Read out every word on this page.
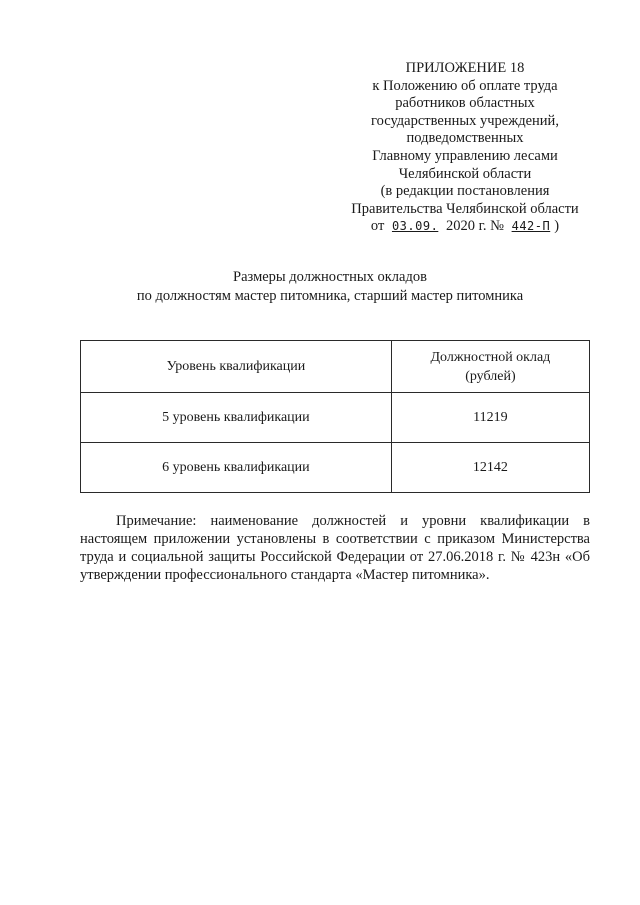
ПРИЛОЖЕНИЕ 18
к Положению об оплате труда
работников областных
государственных учреждений,
подведомственных
Главному управлению лесами
Челябинской области
(в редакции постановления
Правительства Челябинской области
от 03.09. 2020 г. № 442-П )
Размеры должностных окладов
по должностям мастер питомника, старший мастер питомника
Уровень квалификации	Должностной оклад
(рублей)

5 уровень квалификации	11219
6 уровень квалификации	12142
Примечание: наименование должностей и уровни квалификации в настоящем приложении установлены в соответствии с приказом Министерства труда и социальной защиты Российской Федерации от 27.06.2018 г. № 423н «Об утверждении профессионального стандарта «Мастер питомника».
